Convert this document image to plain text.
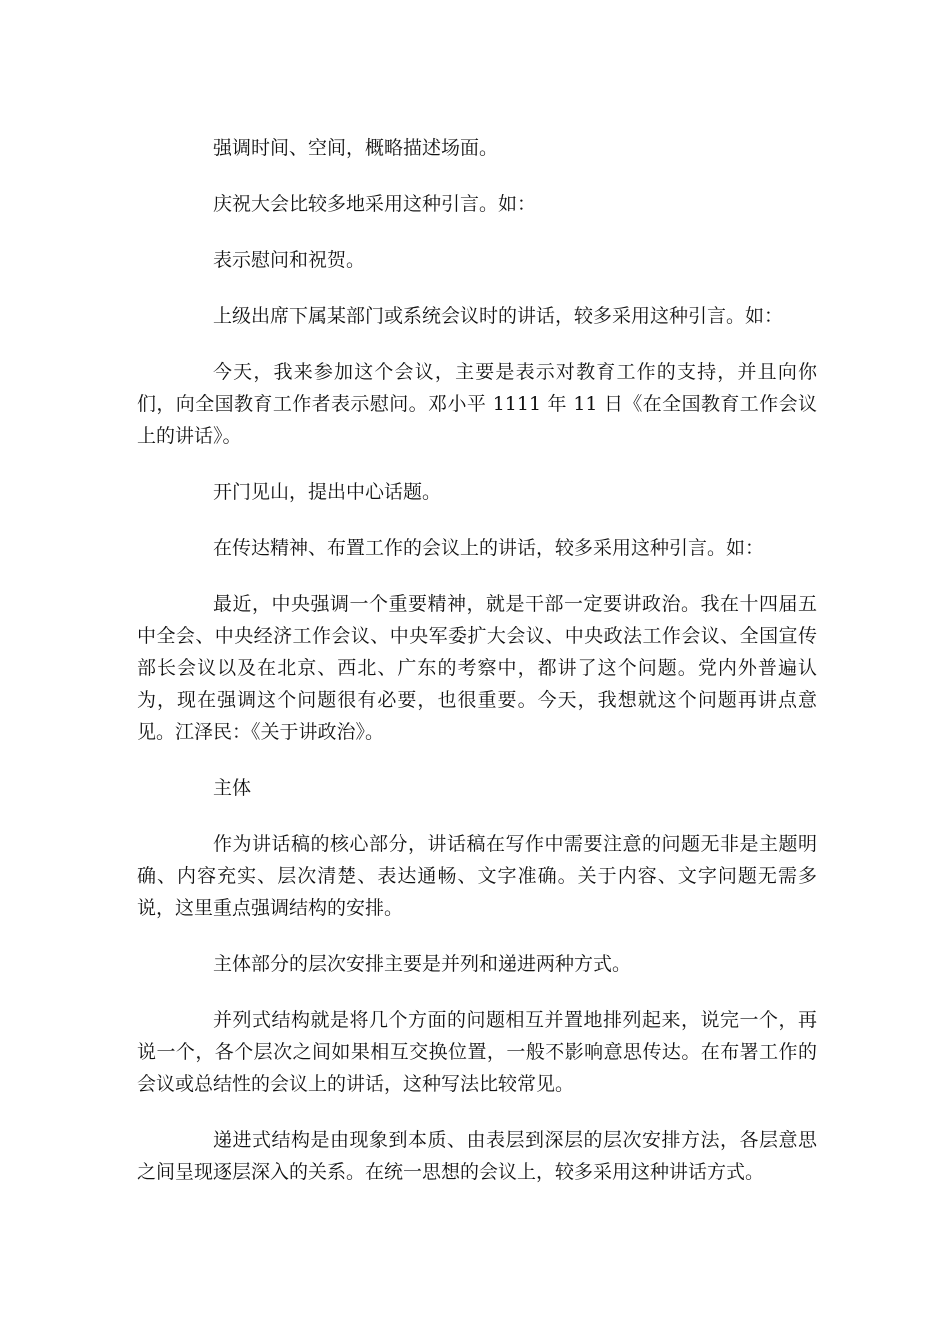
强调时间、空间，概略描述场面。

庆祝大会比较多地采用这种引言。如：

表示慰问和祝贺。

上级出席下属某部门或系统会议时的讲话，较多采用这种引言。如：

今天，我来参加这个会议，主要是表示对教育工作的支持，并且向你们，向全国教育工作者表示慰问。邓小平 1111 年 11 日《在全国教育工作会议上的讲话》。

开门见山，提出中心话题。

在传达精神、布置工作的会议上的讲话，较多采用这种引言。如：

最近，中央强调一个重要精神，就是干部一定要讲政治。我在十四届五中全会、中央经济工作会议、中央军委扩大会议、中央政法工作会议、全国宣传部长会议以及在北京、西北、广东的考察中，都讲了这个问题。党内外普遍认为，现在强调这个问题很有必要，也很重要。今天，我想就这个问题再讲点意见。江泽民：《关于讲政治》。

主体

作为讲话稿的核心部分，讲话稿在写作中需要注意的问题无非是主题明确、内容充实、层次清楚、表达通畅、文字准确。关于内容、文字问题无需多说，这里重点强调结构的安排。

主体部分的层次安排主要是并列和递进两种方式。

并列式结构就是将几个方面的问题相互并置地排列起来，说完一个，再说一个，各个层次之间如果相互交换位置，一般不影响意思传达。在布署工作的会议或总结性的会议上的讲话，这种写法比较常见。

递进式结构是由现象到本质、由表层到深层的层次安排方法，各层意思之间呈现逐层深入的关系。在统一思想的会议上，较多采用这种讲话方式。
